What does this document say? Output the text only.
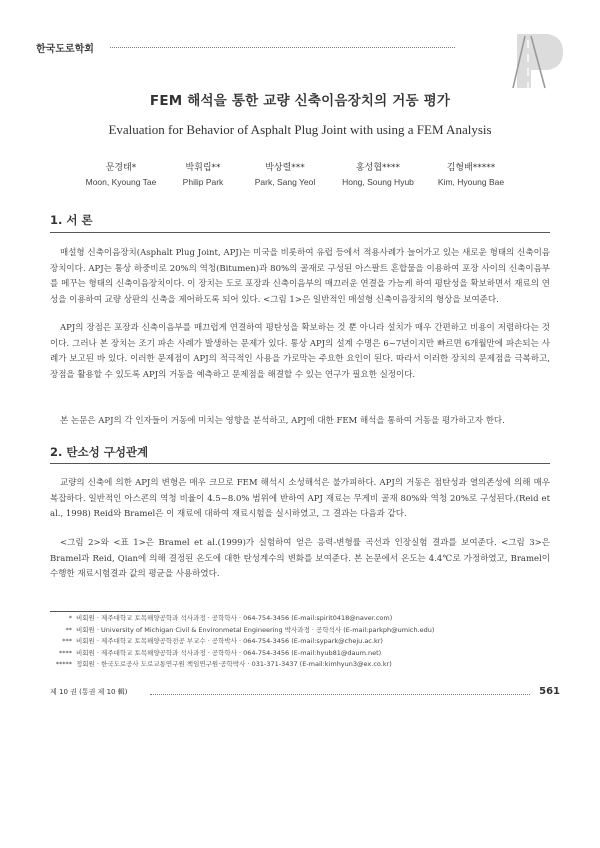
한국도로학회
FEM 해석을 통한 교량 신축이음장치의 거동 평가
Evaluation for Behavior of Asphalt Plug Joint with using a FEM Analysis
문경태*
Moon, Kyoung Tae
박휘립**
Philip Park
박상렬***
Park, Sang Yeol
홍성협****
Hong, Soung Hyub
김형배*****
Kim, Hyoung Bae
1. 서 론
매설형 신축이음장치(Asphalt Plug Joint, APJ)는 미국을 비롯하여 유럽 등에서 적용사례가 늘어가고 있는 새로운 형태의 신축이음장치이다. APJ는 통상 하중비로 20%의 역청(Bitumen)과 80%의 골재로 구성된 아스팔트 혼합물을 이용하여 포장 사이의 신축이음부를 메꾸는 형태의 신축이음장치이다. 이 장치는 도로 포장과 신축이음부의 매끄러운 연결을 가능케 하여 평탄성을 확보하면서 재료의 연성을 이용하여 교량 상판의 신축을 제어하도록 되어 있다. <그림 1>은 일반적인 매설형 신축이음장치의 형상을 보여준다.
APJ의 장점은 포장과 신축이음부를 매끄럽게 연결하여 평탄성을 확보하는 것 뿐 아니라 설치가 매우 간편하고 비용이 저렴하다는 것이다. 그러나 본 장치는 조기 파손 사례가 발생하는 문제가 있다. 통상 APJ의 설계 수명은 6~7년이지만 빠르면 6개월만에 파손되는 사례가 보고된 바 있다. 이러한 문제점이 APJ의 적극적인 사용을 가로막는 주요한 요인이 된다. 따라서 이러한 장치의 문제점을 극복하고, 장점을 활용할 수 있도록 APJ의 거동을 예측하고 문제점을 해결할 수 있는 연구가 필요한 실정이다.
본 논문은 APJ의 각 인자들이 거동에 미치는 영향을 분석하고, APJ에 대한 FEM 해석을 통하여 거동을 평가하고자 한다.
2. 탄소성 구성관계
교량의 신축에 의한 APJ의 변형은 매우 크므로 FEM 해석시 소성해석은 불가피하다. APJ의 거동은 점탄성과 열의존성에 의해 매우 복잡하다. 일반적인 아스콘의 역청 비율이 4.5~8.0% 범위에 반하여 APJ 재료는 무게비 골재 80%와 역청 20%로 구성된다.(Reid et al., 1998) Reid와 Bramel은 이 재료에 대하여 재료시험을 실시하였고, 그 결과는 다음과 같다.
<그림 2>와 <표 1>은 Bramel et al.(1999)가 실험하여 얻은 응력-변형률 곡선과 인장실험 결과를 보여준다. <그림 3>은 Bramel과 Reid, Qian에 의해 결정된 온도에 대한 탄성계수의 변화를 보여준다. 본 논문에서 온도는 4.4℃로 가정하였고, Bramel이 수행한 재료시험결과 값의 평균을 사용하였다.
* 비회원 · 제주대학교 토목해양공학과 석사과정 · 공학학사 · 064-754-3456 (E-mail:spirit0418@naver.com)
** 비회원 · University of Michigan Civil & Environmetal Engineering 박사과정 · 공학석사 (E-mail:parkph@umich.edu)
*** 비회원 · 제주대학교 토목해양공학전공 부교수 · 공학박사 · 064-754-3456 (E-mail:sypark@cheju.ac.kr)
**** 비회원 · 제주대학교 토목해양공학과 석사과정 · 공학학사 · 064-754-3456 (E-mail:hyub81@daum.net)
***** 정회원 · 한국도로공사 도로교통연구원 책임연구원·공학박사 · 031-371-3437 (E-mail:kimhyun3@ex.co.kr)
제 10 권 (통권 제 10 輯)	561
